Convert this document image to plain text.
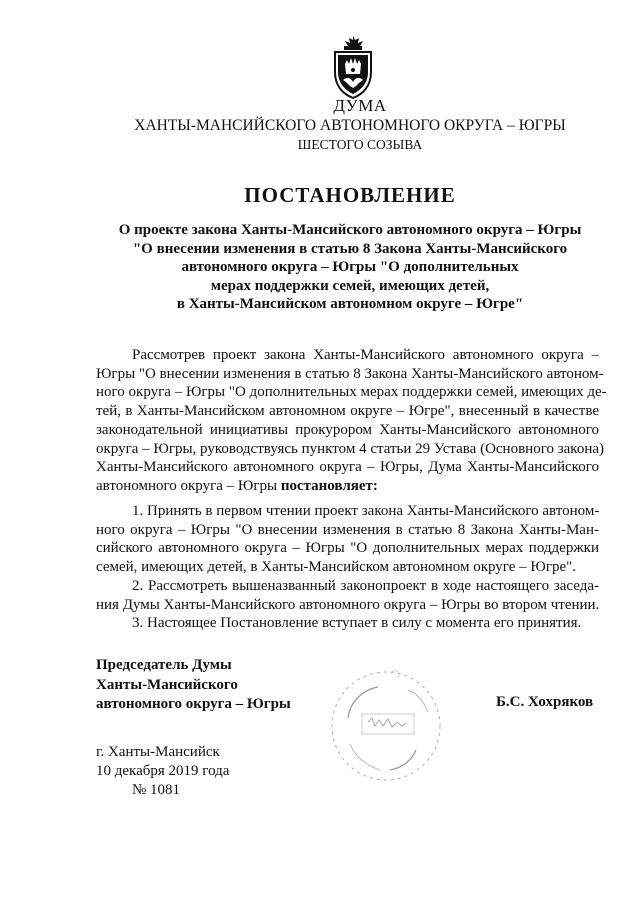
ДУМА
ХАНТЫ-МАНСИЙСКОГО АВТОНОМНОГО ОКРУГА – ЮГРЫ
ШЕСТОГО СОЗЫВА
ПОСТАНОВЛЕНИЕ
О проекте закона Ханты-Мансийского автономного округа – Югры
"О внесении изменения в статью 8 Закона Ханты-Мансийского
автономного округа – Югры "О дополнительных
мерах поддержки семей, имеющих детей,
в Ханты-Мансийском автономном округе – Югре"
Рассмотрев проект закона Ханты-Мансийского автономного округа –
Югры "О внесении изменения в статью 8 Закона Ханты-Мансийского автоном-
ного округа – Югры "О дополнительных мерах поддержки семей, имеющих де-
тей, в Ханты-Мансийском автономном округе – Югре", внесенный в качестве
законодательной инициативы прокурором Ханты-Мансийского автономного
округа – Югры, руководствуясь пунктом 4 статьи 29 Устава (Основного закона)
Ханты-Мансийского автономного округа – Югры, Дума Ханты-Мансийского
автономного округа – Югры постановляет:
1. Принять в первом чтении проект закона Ханты-Мансийского автоном-
ного округа – Югры "О внесении изменения в статью 8 Закона Ханты-Ман-
сийского автономного округа – Югры "О дополнительных мерах поддержки
семей, имеющих детей, в Ханты-Мансийском автономном округе – Югре".
2. Рассмотреть вышеназванный законопроект в ходе настоящего заседа-
ния Думы Ханты-Мансийского автономного округа – Югры во втором чтении.
3. Настоящее Постановление вступает в силу с момента его принятия.
Председатель Думы
Ханты-Мансийского
автономного округа – Югры	Б.С. Хохряков
г. Ханты-Мансийск
10 декабря 2019 года
№ 1081
